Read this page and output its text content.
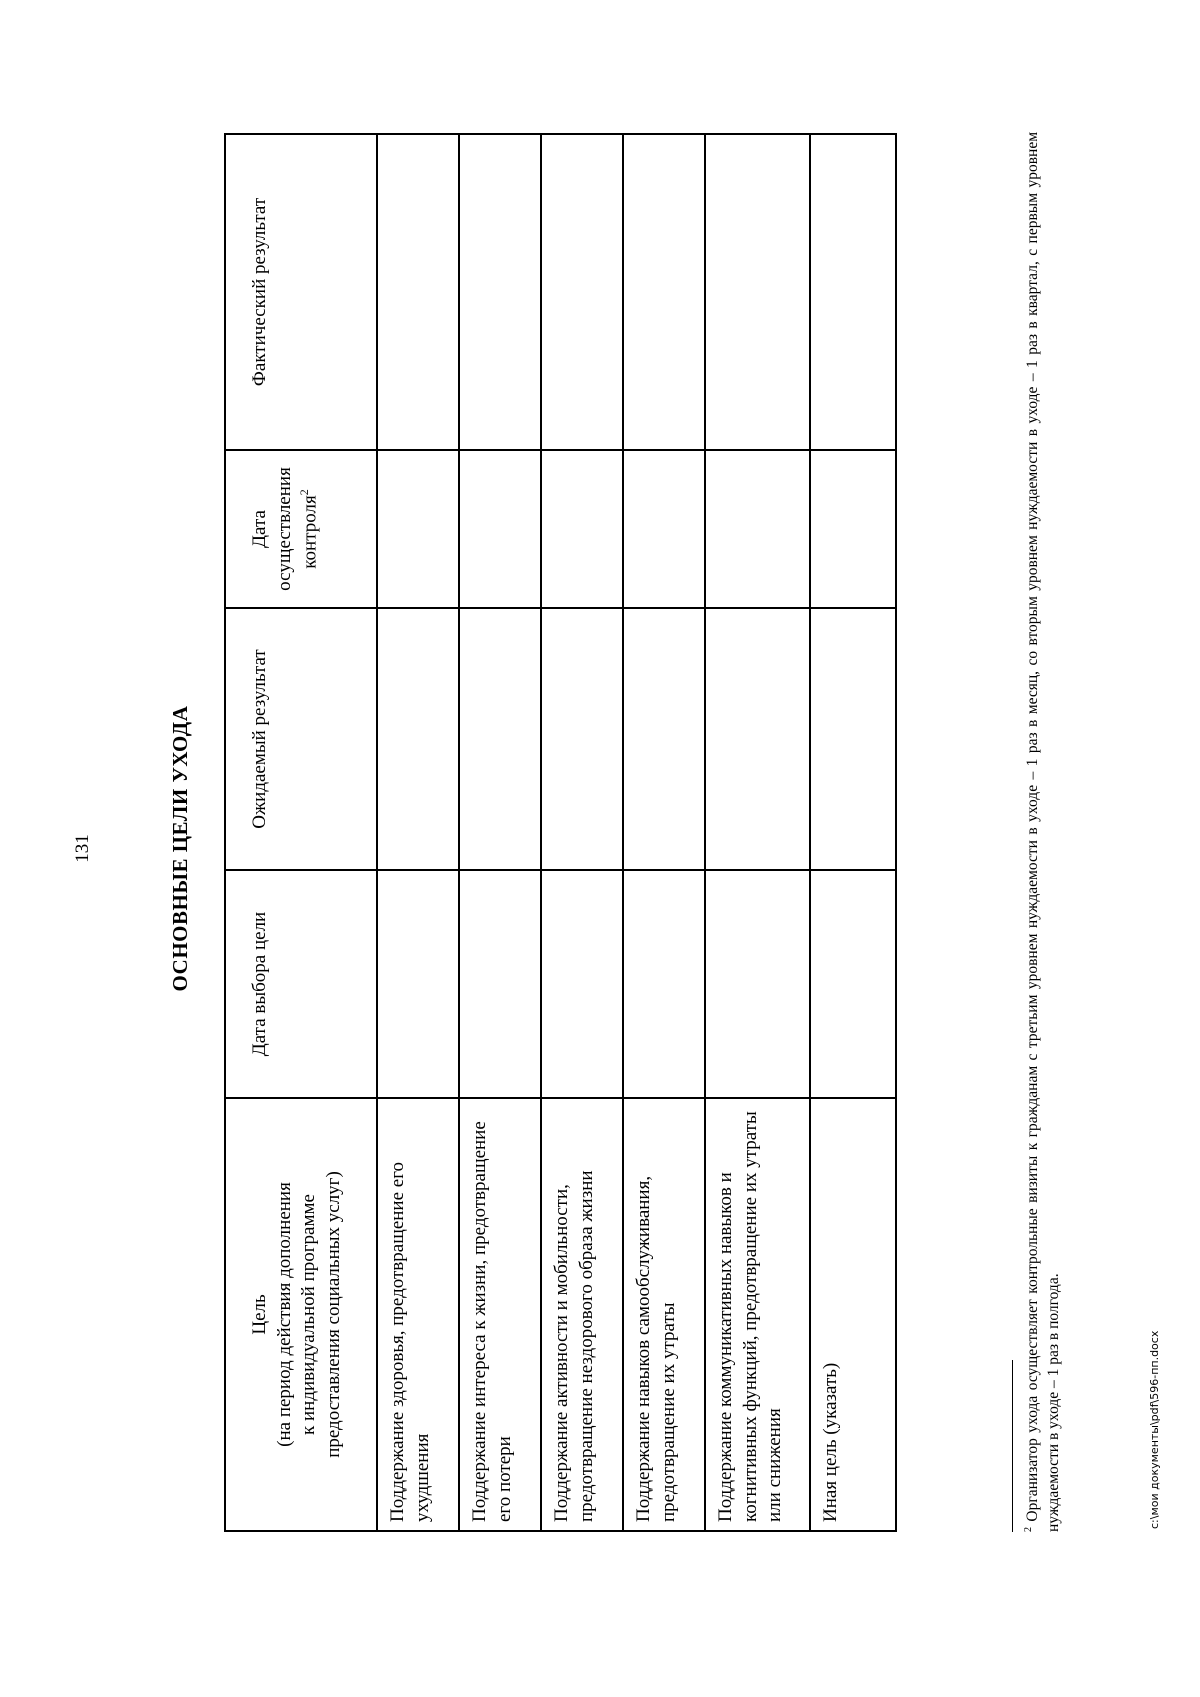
131	ОСНОВНЫЕ ЦЕЛИ УХОДА
Цель (на период действия дополнения к индивидуальной программе предоставления социальных услуг)	Дата выбора цели	Ожидаемый результат	Дата осуществления контроля$^2$	Фактический результат
Поддержание здоровья, предотвращение его ухудшения				
Поддержание интереса к жизни, предотвращение его потери				
Поддержание активности и мобильности, предотвращение нездорового образа жизни				
Поддержание навыков самообслуживания, предотвращение их утраты				
Поддержание коммуникативных навыков и когнитивных функций, предотвращение их утраты или снижения				
Иная цель (указать)				
$^2$ Организатор ухода осуществляет контрольные визиты к гражданам с третьим уровнем нуждаемости в уходе – 1 раз в месяц, со вторым уровнем нуждаемости в уходе – 1 раз в квартал, с первым уровнем нуждаемости в уходе – 1 раз в полгода.	c:\мои документы\pdf\596-пп.docx
